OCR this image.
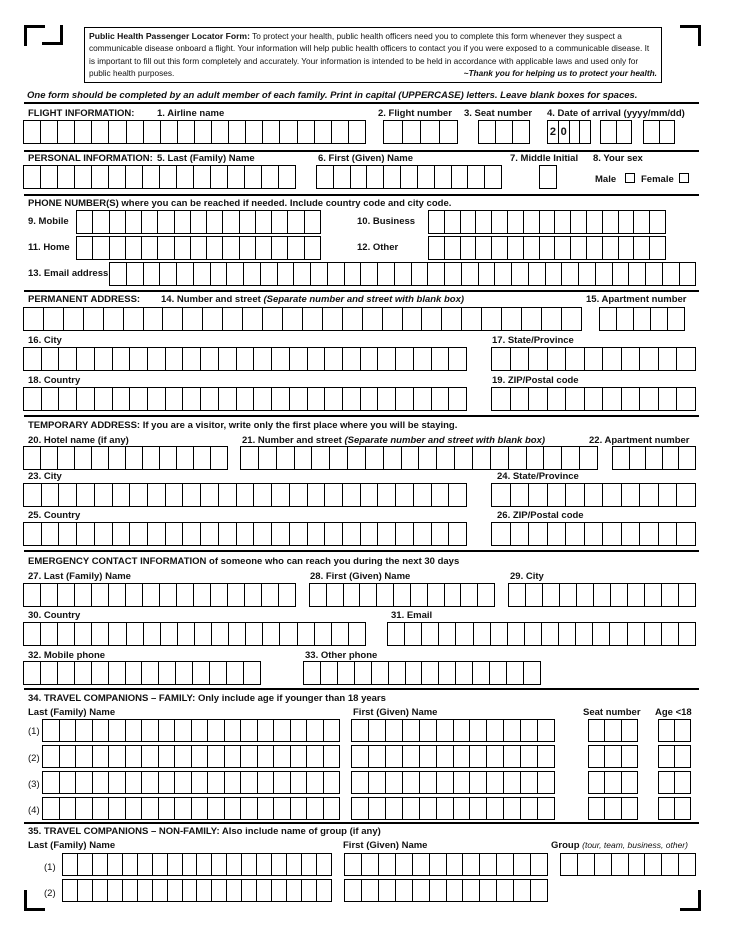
Public Health Passenger Locator Form: To protect your health, public health officers need you to complete this form whenever they suspect a communicable disease onboard a flight. Your information will help public health officers to contact you if you were exposed to a communicable disease. It is important to fill out this form completely and accurately. Your information is intended to be held in accordance with applicable laws and used only for public health purposes.	~Thank you for helping us to protect your health.
One form should be completed by an adult member of each family. Print in capital (UPPERCASE) letters. Leave blank boxes for spaces.
FLIGHT INFORMATION: 1. Airline name	2. Flight number 3. Seat number 4. Date of arrival (yyyy/mm/dd)
2 0
PERSONAL INFORMATION: 5. Last (Family) Name	6. First (Given) Name	7. Middle Initial 8. Your sex
Male	Female
PHONE NUMBER(S) where you can be reached if needed. Include country code and city code.
9. Mobile	10. Business
11. Home	12. Other
13. Email address
PERMANENT ADDRESS: 14. Number and street (Separate number and street with blank box)	15. Apartment number
16. City	17. State/Province
18. Country	19. ZIP/Postal code
TEMPORARY ADDRESS: If you are a visitor, write only the first place where you will be staying.
20. Hotel name (if any)	21. Number and street (Separate number and street with blank box)	22. Apartment number
23. City	24. State/Province
25. Country	26. ZIP/Postal code
EMERGENCY CONTACT INFORMATION of someone who can reach you during the next 30 days
27. Last (Family) Name	28. First (Given) Name	29. City
30. Country	31. Email
32. Mobile phone	33. Other phone
34. TRAVEL COMPANIONS – FAMILY: Only include age if younger than 18 years
Last (Family) Name	First (Given) Name	Seat number Age <18
(1)
(2)
(3)
(4)
35. TRAVEL COMPANIONS – NON-FAMILY: Also include name of group (if any)
Last (Family) Name	First (Given) Name	Group (tour, team, business, other)
(1)
(2)
